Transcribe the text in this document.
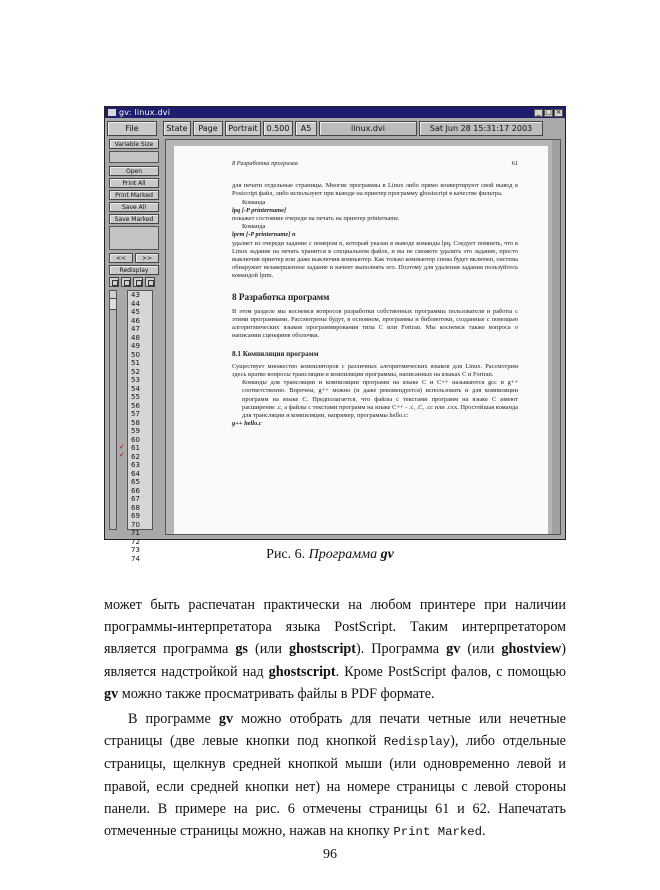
gv: linux.dvi	_ □ ×
File	State	Page	Portrait	0.500	A5	linux.dvi	Sat Jun 28 15:31:17 2003
Variable Size
Open
Print All
Print Marked
Save All
Save Marked
<<	>>
Redisplay
✓
✓
43
44
45
46
47
48
49
50
51
52
53
54
55
56
57
58
59
60
61
62
63
64
65
66
67
68
69
70
71
72
73
74
8 Разработка программ	61

для печати отдельные страницы. Многие программы в Linux либо прямо конвертируют свой вывод в Postscript файл, либо используют при выводе на принтер программу ghostscript в качестве фильтра.

Команда

lpq [-P printername]

покажет состояние очереди на печать на принтер printername.

Команда

lprm [-P printername] n

удаляет из очереди задание с номером n, который указан в выводе команды lpq. Следует помнить, что в Linux задание на печать хранится в специальном файле, и вы не сможете удалить это задание, просто выключив принтер или даже выключив компьютер. Как только компьютер снова будет включен, система обнаружит незавершенное задание и начнет выполнять его. Поэтому для удаления задания пользуйтесь командой lprm.

8 Разработка программ

В этом разделе мы коснемся вопросов разработки собственных программы пользователя и работы с этими программами. Рассмотрены будут, в основном, программы и библиотеки, созданные с помощью алгоритмических языков программирования типа C или Fortran. Мы коснемся также вопроса о написании сценариев оболочки.

8.1 Компиляция программ

Существует множество компиляторов с различных алгоритмических языков для Linux. Рассмотрим здесь кратко вопросы трансляции и компиляции программы, написанных на языках C и Fortran.

Команды для трансляции и компиляции программ на языке C и C++ называются gcc и g++ соответственно. Впрочем, g++ можно (и даже рекомендуется) использовать и для компиляции программ на языке C. Предполагается, что файлы с текстами программ на языке C имеют расширение .c, а файлы с текстами программ на языке C++ - .c, .C, .cc или .cxx. Простейшая команда для трансляции и компиляции, например, программы hello.c:

g++ hello.c

Рис. 6. Программа gv

может быть распечатан практически на любом принтере при наличии программы-интерпретатора языка PostScript. Таким интерпретатором является программа gs (или ghostscript). Программа gv (или ghostview) является надстройкой над ghostscript. Кроме PostScript фалов, с помощью gv можно также просматривать файлы в PDF формате.

В программе gv можно отобрать для печати четные или нечетные страницы (две левые кнопки под кнопкой Redisplay), либо отдельные страницы, щелкнув средней кнопкой мыши (или одновременно левой и правой, если средней кнопки нет) на номере страницы с левой стороны панели. В примере на рис. 6 отмечены страницы 61 и 62. Напечатать отмеченные страницы можно, нажав на кнопку Print Marked.

96
